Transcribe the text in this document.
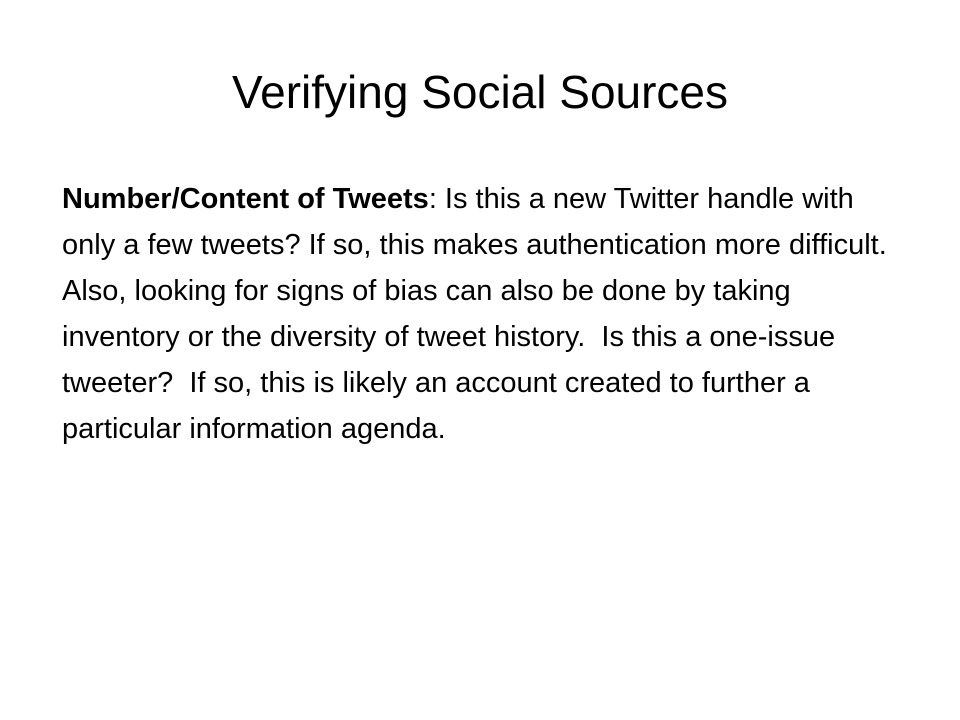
Verifying Social Sources

Number/Content of Tweets: Is this a new Twitter handle with only a few tweets? If so, this makes authentication more difficult. Also, looking for signs of bias can also be done by taking inventory or the diversity of tweet history.  Is this a one-issue tweeter?  If so, this is likely an account created to further a particular information agenda.
